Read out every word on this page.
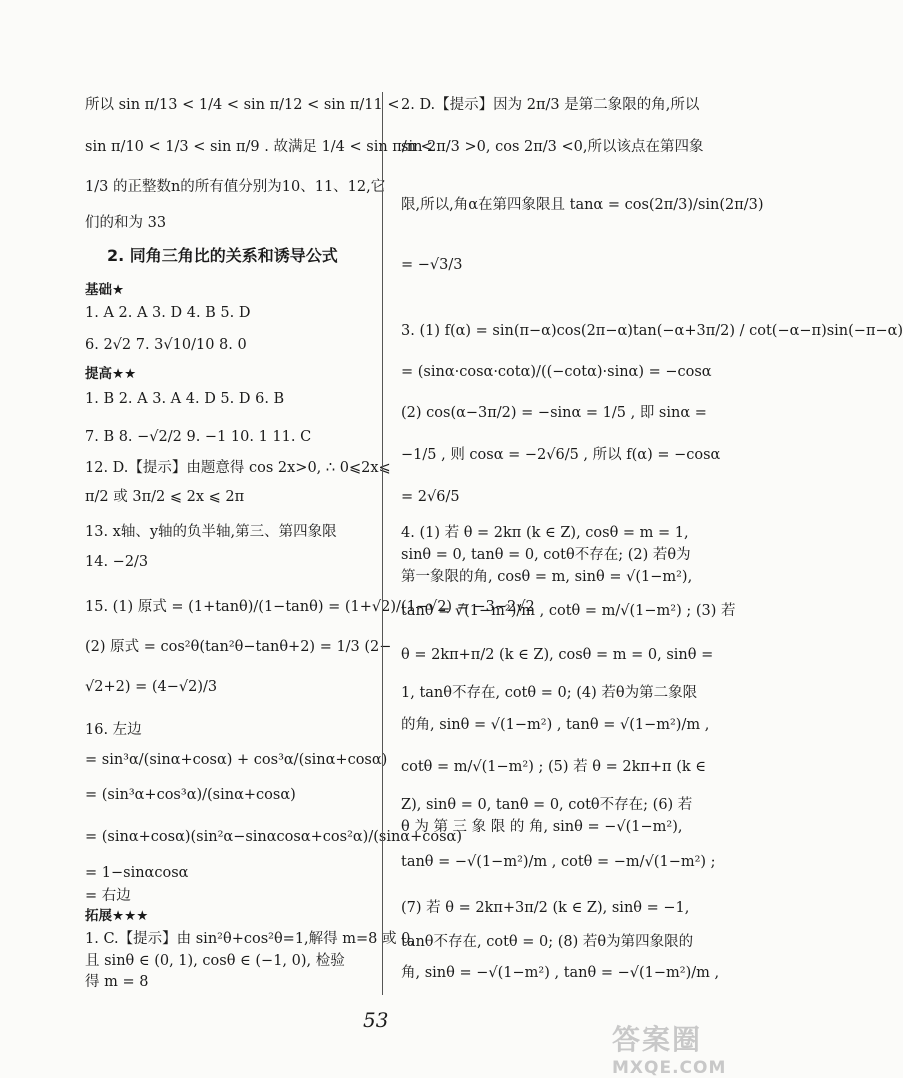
2. 同角三角比的关系和诱导公式
所以 sin π/13 < 1/4 < sin π/12 < sin π/11 <
sin π/10 < 1/3 < sin π/9 . 故满足 1/4 < sin π/n <
1/3 的正整数n的所有值分别为10、11、12,它
们的和为 33
1. B 2. A 3. A 4. D 5. D 6. B
7. B 8. −√2/2 9. −1 10. 1 11. C
12. D.【提示】由题意得 cos 2x>0, ∴ 0⩽2x⩽
π/2 或 3π/2 ⩽ 2x ⩽ 2π
13. x轴、y轴的负半轴,第三、第四象限
14. −2/3
15. (1) 原式 = (1+tanθ)/(1−tanθ) = (1+√2)/(1−√2) = −3−2√2
(2) 原式 = cos²θ(tan²θ−tanθ+2) = 1/3 (2−
√2+2) = (4−√2)/3
16. 左边
= sin³α/(sinα+cosα) + cos³α/(sinα+cosα)
= (sin³α+cos³α)/(sinα+cosα)
= (sinα+cosα)(sin²α−sinαcosα+cos²α)/(sinα+cosα)
= 1−sinαcosα
= 右边
1. C.【提示】由 sin²θ+cos²θ=1,解得 m=8 或 0,
且 sinθ ∈ (0, 1), cosθ ∈ (−1, 0), 检验
得 m = 8
基础★
提高★★
拓展★★★
1. A 2. A 3. D 4. B 5. D
6. 2√2 7. 3√10/10 8. 0
2. D.【提示】因为 2π/3 是第二象限的角,所以
sin 2π/3 >0, cos 2π/3 <0,所以该点在第四象
限,所以,角α在第四象限且 tanα = cos(2π/3)/sin(2π/3)
= −√3/3
3. (1) f(α) = sin(π−α)cos(2π−α)tan(−α+3π/2) / cot(−α−π)sin(−π−α)
= (sinα·cosα·cotα)/((−cotα)·sinα) = −cosα
(2) cos(α−3π/2) = −sinα = 1/5 , 即 sinα =
−1/5 , 则 cosα = −2√6/5 , 所以 f(α) = −cosα
= 2√6/5
4. (1) 若 θ = 2kπ (k ∈ Z), cosθ = m = 1,
sinθ = 0, tanθ = 0, cotθ不存在; (2) 若θ为
第一象限的角, cosθ = m, sinθ = √(1−m²),
tanθ = √(1−m²)/m , cotθ = m/√(1−m²) ; (3) 若
θ = 2kπ+π/2 (k ∈ Z), cosθ = m = 0, sinθ =
1, tanθ不存在, cotθ = 0; (4) 若θ为第二象限
的角, sinθ = √(1−m²) , tanθ = √(1−m²)/m ,
cotθ = m/√(1−m²) ; (5) 若 θ = 2kπ+π (k ∈
Z), sinθ = 0, tanθ = 0, cotθ不存在; (6) 若
θ 为 第 三 象 限 的 角, sinθ = −√(1−m²),
tanθ = −√(1−m²)/m , cotθ = −m/√(1−m²) ;
(7) 若 θ = 2kπ+3π/2 (k ∈ Z), sinθ = −1,
tanθ不存在, cotθ = 0; (8) 若θ为第四象限的
角, sinθ = −√(1−m²) , tanθ = −√(1−m²)/m ,
53
答案圈
MXQE.COM
